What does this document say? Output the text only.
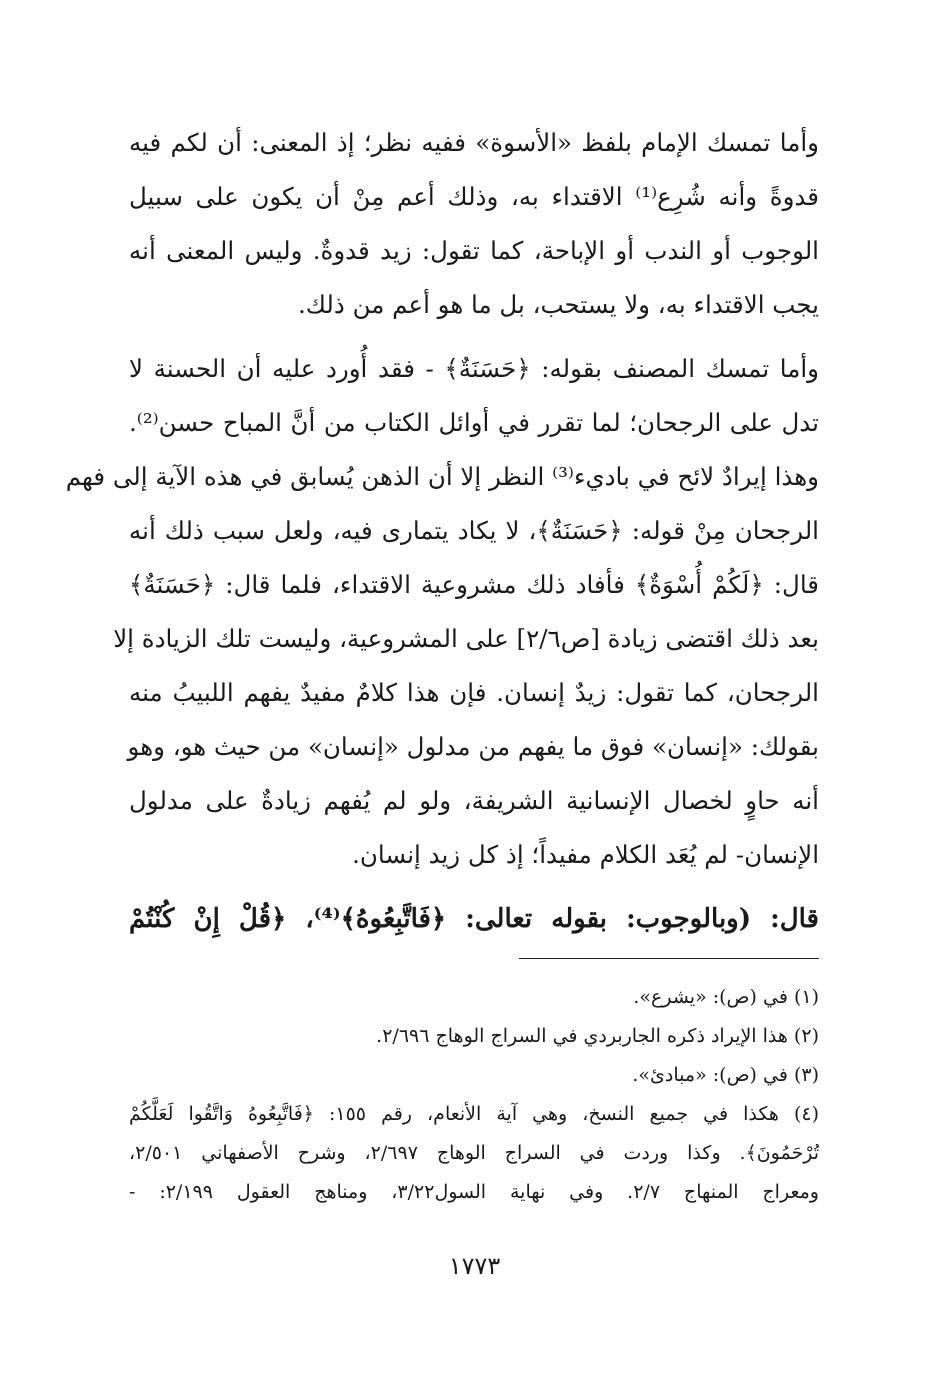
وأما تمسك الإمام بلفظ «الأسوة» ففيه نظر؛ إذ المعنى: أن لكم فيه
قدوةً وأنه شُرِع⁽¹⁾ الاقتداء به، وذلك أعم مِنْ أن يكون على سبيل
الوجوب أو الندب أو الإباحة، كما تقول: زيد قدوةٌ. وليس المعنى أنه
يجب الاقتداء به، ولا يستحب، بل ما هو أعم من ذلك.
وأما تمسك المصنف بقوله: ﴿حَسَنَةٌ﴾ - فقد أُورد عليه أن الحسنة لا
تدل على الرجحان؛ لما تقرر في أوائل الكتاب من أنَّ المباح حسن⁽²⁾.
وهذا إيرادٌ لائح في باديء⁽³⁾ النظر إلا أن الذهن يُسابق في هذه الآية إلى فهم
الرجحان مِنْ قوله: ﴿حَسَنَةٌ﴾، لا يكاد يتمارى فيه، ولعل سبب ذلك أنه
قال: ﴿لَكُمْ أُسْوَةٌ﴾ فأفاد ذلك مشروعية الاقتداء، فلما قال: ﴿حَسَنَةٌ﴾
بعد ذلك اقتضى زيادة [ص٢/٦] على المشروعية، وليست تلك الزيادة إلا
الرجحان، كما تقول: زيدٌ إنسان. فإن هذا كلامٌ مفيدٌ يفهم اللبيبُ منه
بقولك: «إنسان» فوق ما يفهم من مدلول «إنسان» من حيث هو، وهو
أنه حاوٍ لخصال الإنسانية الشريفة، ولو لم يُفهم زيادةٌ على مدلول
الإنسان- لم يُعَد الكلام مفيداً؛ إذ كل زيد إنسان.
قال: (وبالوجوب: بقوله تعالى: ﴿فَاتَّبِعُوهُ﴾⁽⁴⁾، ﴿قُلْ إِنْ كُنْتُمْ
(١) في (ص): «يشرع».
(٢) هذا الإيراد ذكره الجاربردي في السراج الوهاج ٢/٦٩٦.
(٣) في (ص): «مبادئ».
(٤) هكذا في جميع النسخ، وهي آية الأنعام، رقم ١٥٥: ﴿فَاتَّبِعُوهُ وَاتَّقُوا لَعَلَّكُمْ
تُرْحَمُونَ﴾. وكذا وردت في السراج الوهاج ٢/٦٩٧، وشرح الأصفهاني ٢/٥٠١،
ومعراج المنهاج ٢/٧. وفي نهاية السول٣/٢٢، ومناهج العقول ٢/١٩٩: -
١٧٧٣
